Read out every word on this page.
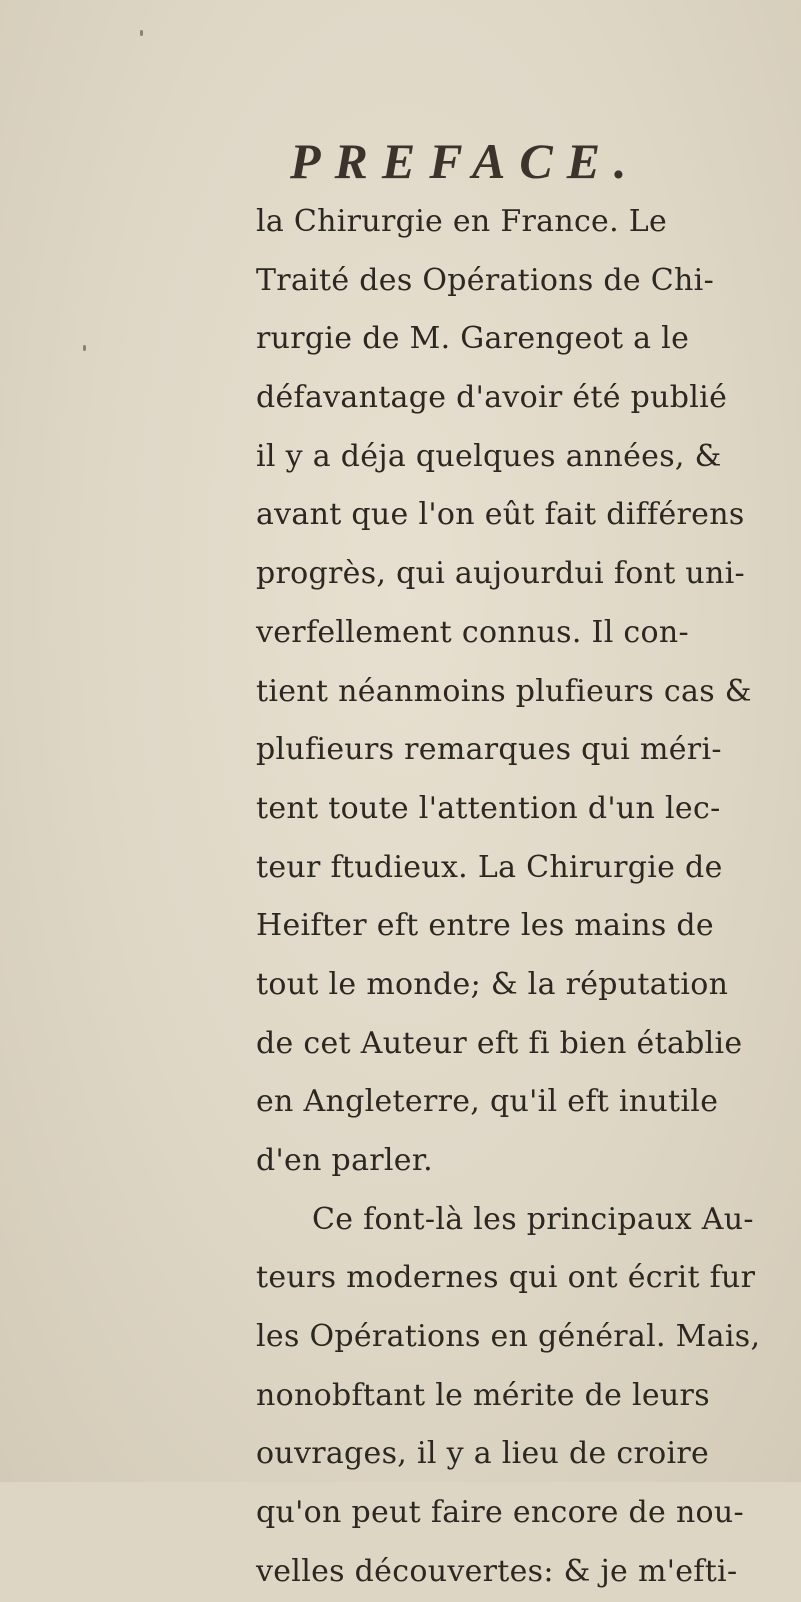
PREFACE.
la Chirurgie en France. Le
Traité des Opérations de Chi-
rurgie de M. Garengeot a le
défavantage d'avoir été publié
il y a déja quelques années, &
avant que l'on eût fait différens
progrès, qui aujourdui font uni-
verfellement connus. Il con-
tient néanmoins plufieurs cas &
plufieurs remarques qui méri-
tent toute l'attention d'un lec-
teur ftudieux. La Chirurgie de
Heifter eft entre les mains de
tout le monde; & la réputation
de cet Auteur eft fi bien établie
en Angleterre, qu'il eft inutile
d'en parler.
Ce font-là les principaux Au-
teurs modernes qui ont écrit fur
les Opérations en général. Mais,
nonobftant le mérite de leurs
ouvrages, il y a lieu de croire
qu'on peut faire encore de nou-
velles découvertes: & je m'efti-
